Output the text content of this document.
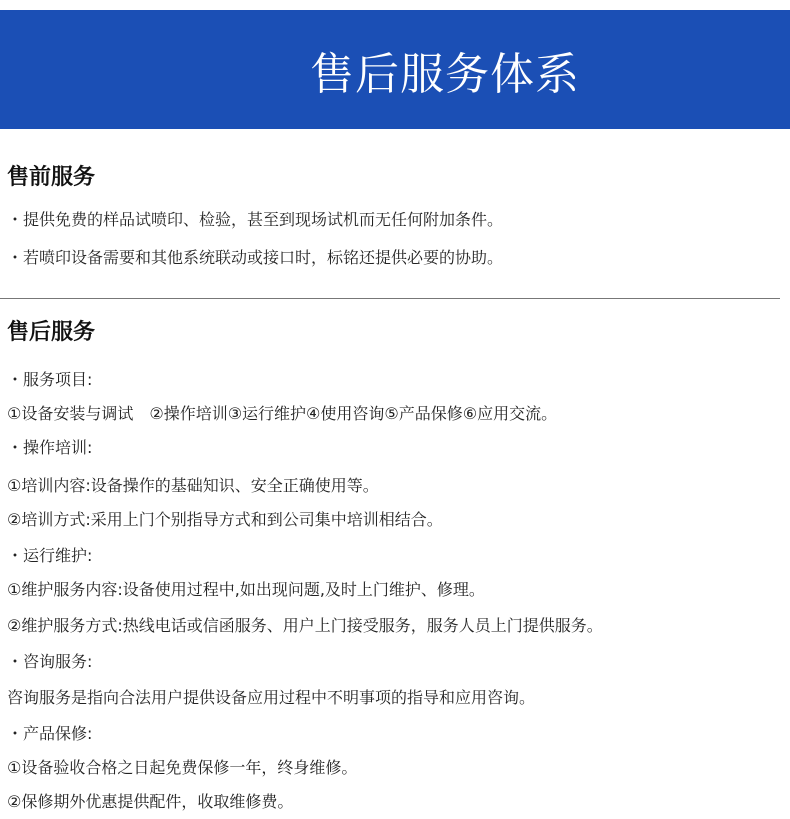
售后服务体系
售前服务
・提供免费的样品试喷印、检验，甚至到现场试机而无任何附加条件。
・若喷印设备需要和其他系统联动或接口时，标铭还提供必要的协助。
售后服务
・服务项目:
①设备安装与调试　②操作培训③运行维护④使用咨询⑤产品保修⑥应用交流。
・操作培训:
①培训内容:设备操作的基础知识、安全正确使用等。
②培训方式:采用上门个别指导方式和到公司集中培训相结合。
・运行维护:
①维护服务内容:设备使用过程中,如出现问题,及时上门维护、修理。
②维护服务方式:热线电话或信函服务、用户上门接受服务，服务人员上门提供服务。
・咨询服务:
咨询服务是指向合法用户提供设备应用过程中不明事项的指导和应用咨询。
・产品保修:
①设备验收合格之日起免费保修一年，终身维修。
②保修期外优惠提供配件，收取维修费。
